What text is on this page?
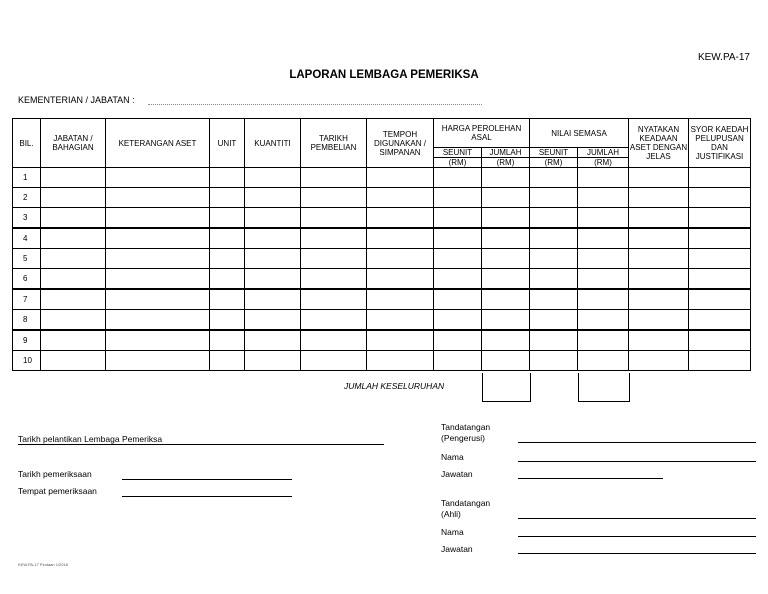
KEW.PA-17
LAPORAN LEMBAGA PEMERIKSA
KEMENTERIAN / JABATAN :
BIL.	JABATAN / BAHAGIAN	KETERANGAN ASET	UNIT	KUANTITI	TARIKH PEMBELIAN	TEMPOH DIGUNAKAN / SIMPANAN	HARGA PEROLEHAN ASAL		NILAI SEMASA		NYATAKAN KEADAAN ASET DENGAN JELAS	SYOR KAEDAH PELUPUSAN DAN JUSTIFIKASI
							SEUNIT	JUMLAH	SEUNIT	JUMLAH		
							(RM)	(RM)	(RM)	(RM)		
1												
2												
3												
4												
5												
6												
7												
8												
9												
10												
JUMLAH KESELURUHAN
Tarikh pelantikan Lembaga Pemeriksa
Tarikh pemeriksaan
Tempat pemeriksaan
Tandatangan
(Pengerusi)
Nama
Jawatan
Tandatangan
(Ahli)
Nama
Jawatan
KEW.PA-17 Pindaan 1/2018
